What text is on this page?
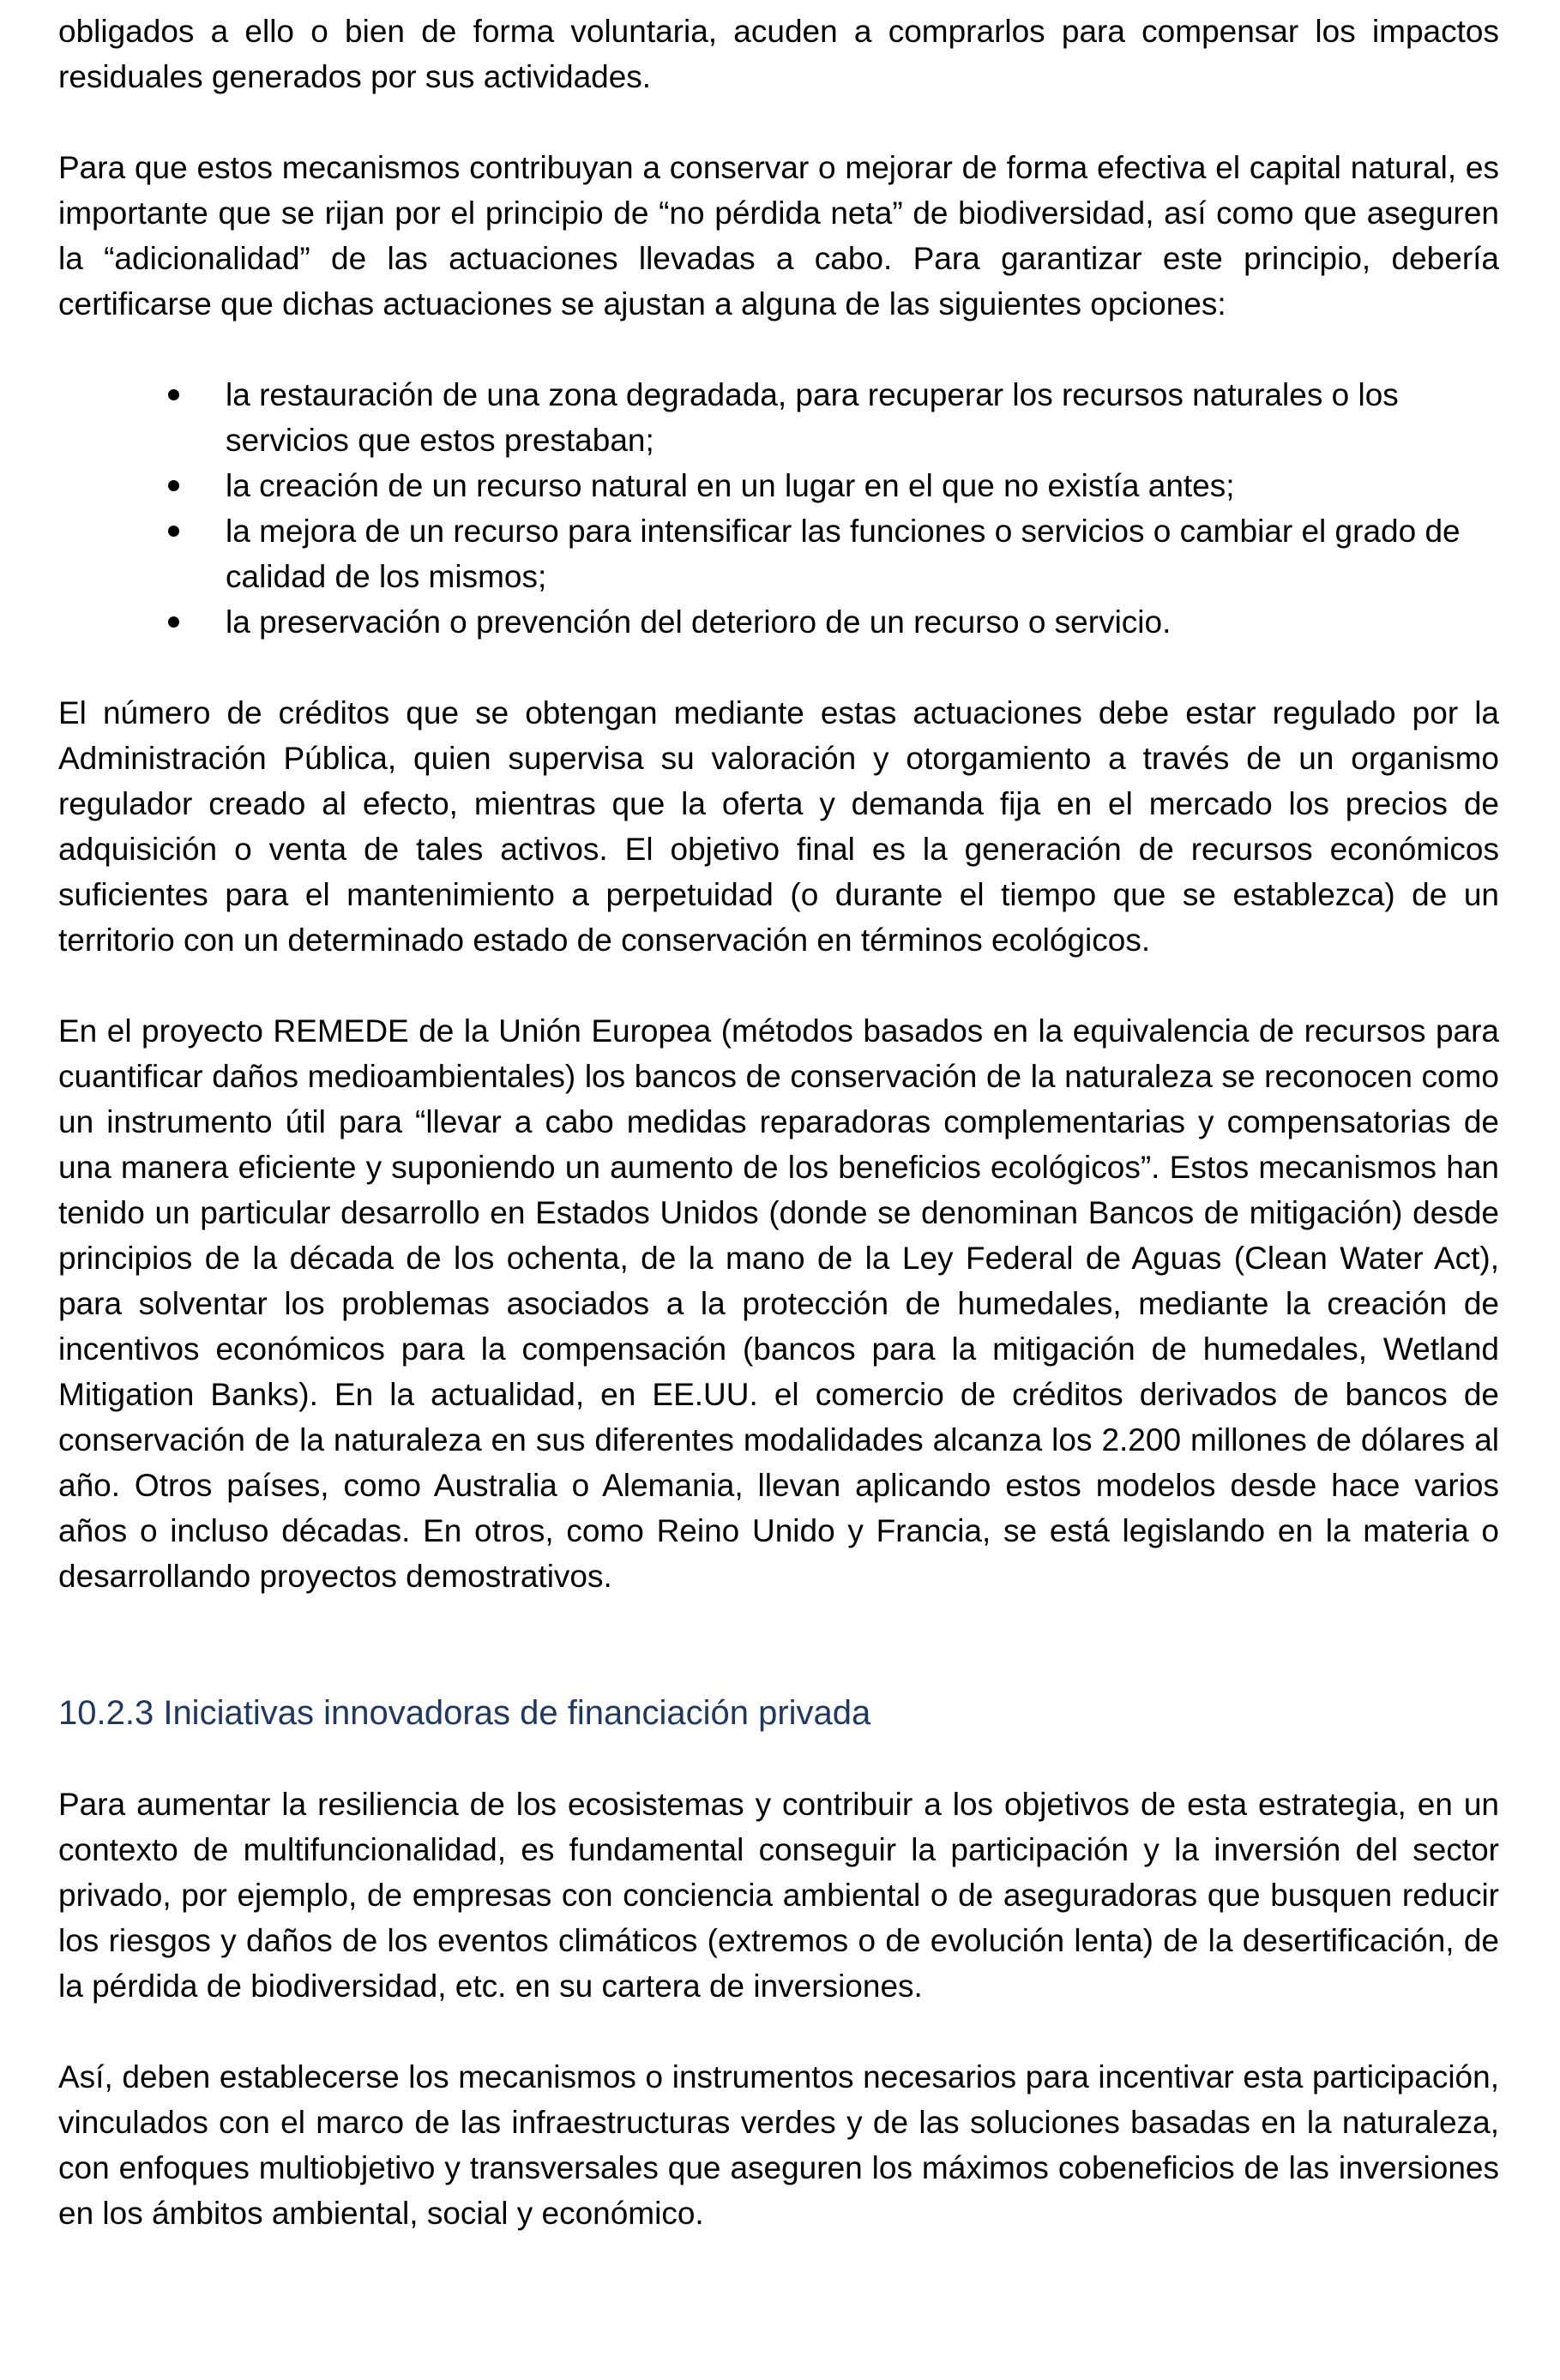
obligados a ello o bien de forma voluntaria, acuden a comprarlos para compensar los impactos residuales generados por sus actividades.

Para que estos mecanismos contribuyan a conservar o mejorar de forma efectiva el capital natural, es importante que se rijan por el principio de “no pérdida neta” de biodiversidad, así como que aseguren la “adicionalidad” de las actuaciones llevadas a cabo. Para garantizar este principio, debería certificarse que dichas actuaciones se ajustan a alguna de las siguientes opciones:

la restauración de una zona degradada, para recuperar los recursos naturales o los servicios que estos prestaban;
la creación de un recurso natural en un lugar en el que no existía antes;
la mejora de un recurso para intensificar las funciones o servicios o cambiar el grado de calidad de los mismos;
la preservación o prevención del deterioro de un recurso o servicio.

El número de créditos que se obtengan mediante estas actuaciones debe estar regulado por la Administración Pública, quien supervisa su valoración y otorgamiento a través de un organismo regulador creado al efecto, mientras que la oferta y demanda fija en el mercado los precios de adquisición o venta de tales activos. El objetivo final es la generación de recursos económicos suficientes para el mantenimiento a perpetuidad (o durante el tiempo que se establezca) de un territorio con un determinado estado de conservación en términos ecológicos.

En el proyecto REMEDE de la Unión Europea (métodos basados en la equivalencia de recursos para cuantificar daños medioambientales) los bancos de conservación de la naturaleza se reconocen como un instrumento útil para “llevar a cabo medidas reparadoras complementarias y compensatorias de una manera eficiente y suponiendo un aumento de los beneficios ecológicos”. Estos mecanismos han tenido un particular desarrollo en Estados Unidos (donde se denominan Bancos de mitigación) desde principios de la década de los ochenta, de la mano de la Ley Federal de Aguas (Clean Water Act), para solventar los problemas asociados a la protección de humedales, mediante la creación de incentivos económicos para la compensación (bancos para la mitigación de humedales, Wetland Mitigation Banks). En la actualidad, en EE.UU. el comercio de créditos derivados de bancos de conservación de la naturaleza en sus diferentes modalidades alcanza los 2.200 millones de dólares al año. Otros países, como Australia o Alemania, llevan aplicando estos modelos desde hace varios años o incluso décadas. En otros, como Reino Unido y Francia, se está legislando en la materia o desarrollando proyectos demostrativos.

10.2.3 Iniciativas innovadoras de financiación privada

Para aumentar la resiliencia de los ecosistemas y contribuir a los objetivos de esta estrategia, en un contexto de multifuncionalidad, es fundamental conseguir la participación y la inversión del sector privado, por ejemplo, de empresas con conciencia ambiental o de aseguradoras que busquen reducir los riesgos y daños de los eventos climáticos (extremos o de evolución lenta) de la desertificación, de la pérdida de biodiversidad, etc. en su cartera de inversiones.

Así, deben establecerse los mecanismos o instrumentos necesarios para incentivar esta participación, vinculados con el marco de las infraestructuras verdes y de las soluciones basadas en la naturaleza, con enfoques multiobjetivo y transversales que aseguren los máximos cobeneficios de las inversiones en los ámbitos ambiental, social y económico.
